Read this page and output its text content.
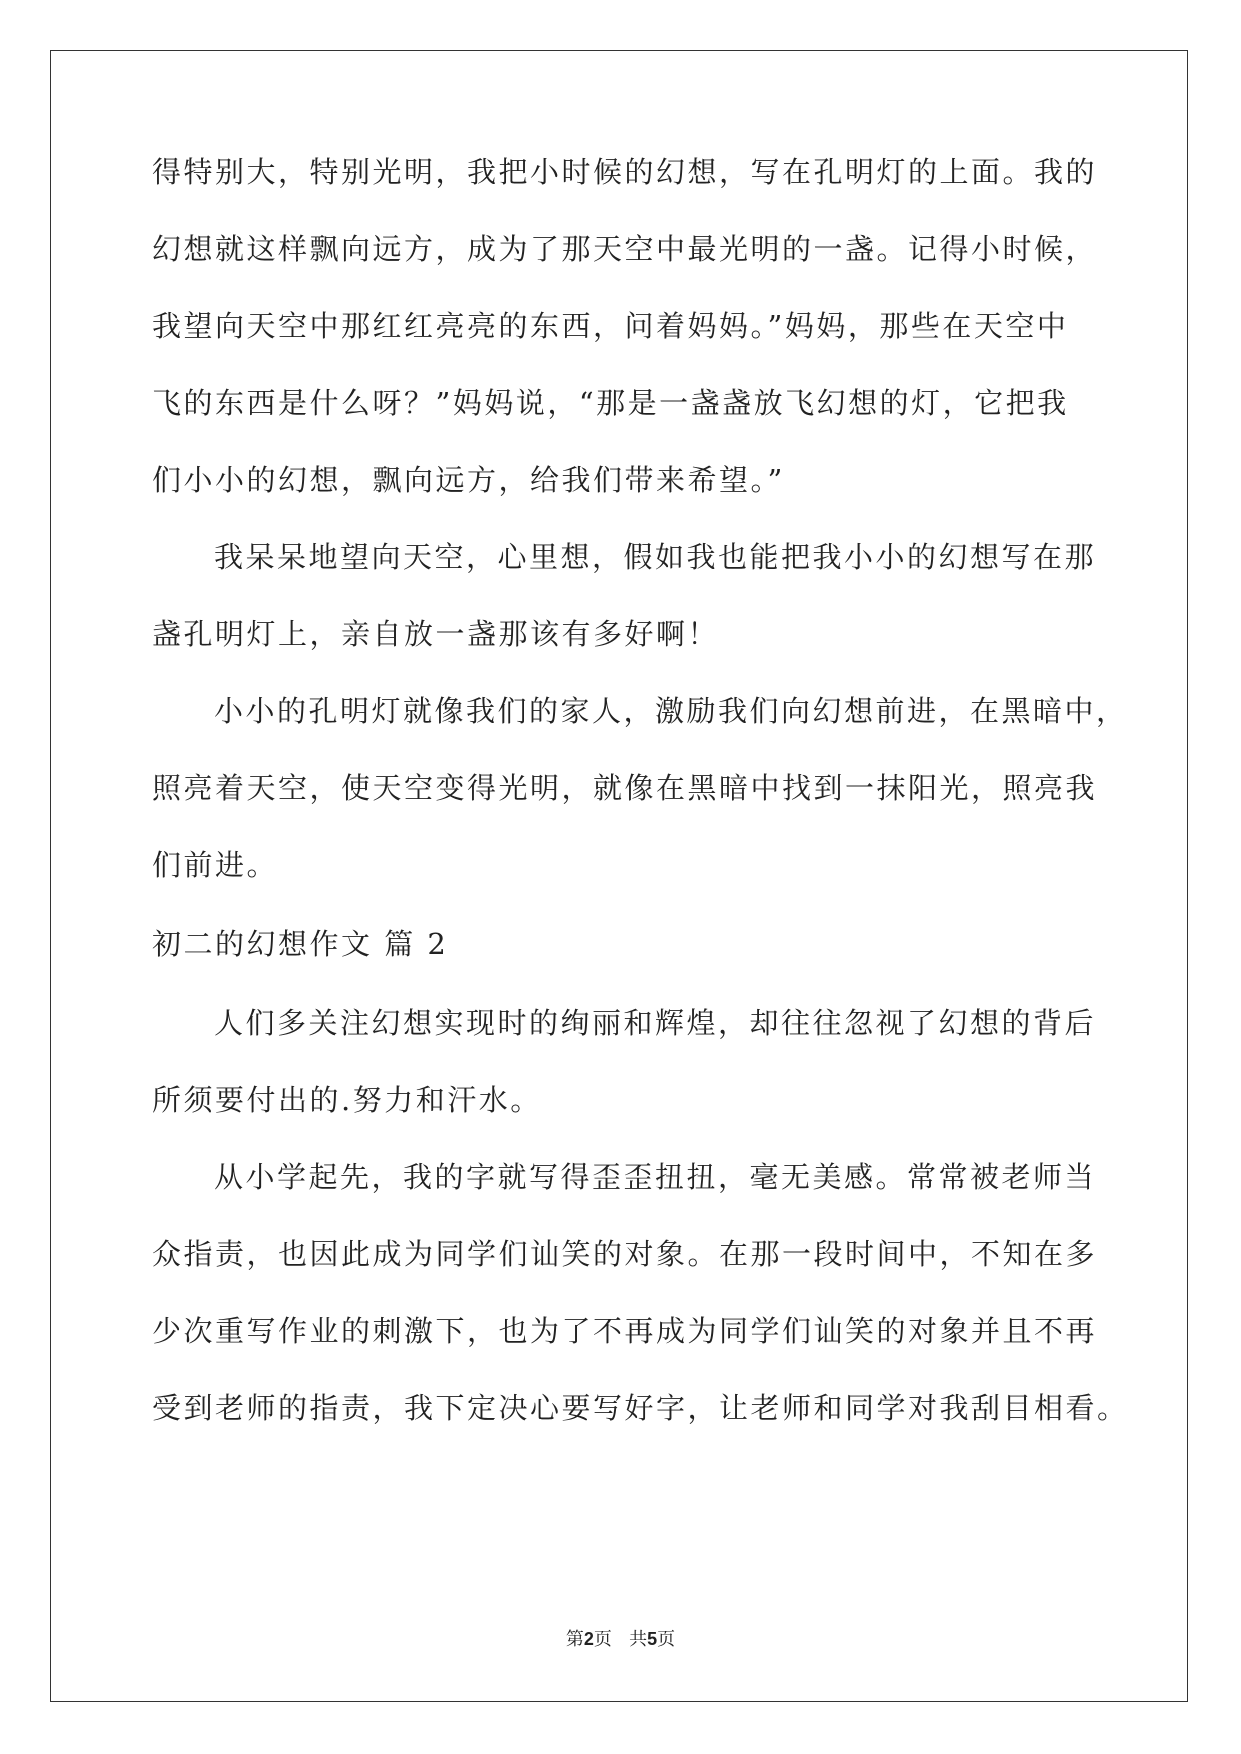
得特别大，特别光明，我把小时候的幻想，写在孔明灯的上面。我的
幻想就这样飘向远方，成为了那天空中最光明的一盏。记得小时候，
我望向天空中那红红亮亮的东西，问着妈妈。”妈妈，那些在天空中
飞的东西是什么呀？”妈妈说，“那是一盏盏放飞幻想的灯，它把我
们小小的幻想，飘向远方，给我们带来希望。”
我呆呆地望向天空，心里想，假如我也能把我小小的幻想写在那
盏孔明灯上，亲自放一盏那该有多好啊！
小小的孔明灯就像我们的家人，激励我们向幻想前进，在黑暗中，
照亮着天空，使天空变得光明，就像在黑暗中找到一抹阳光，照亮我
们前进。
初二的幻想作文 篇 2
人们多关注幻想实现时的绚丽和辉煌，却往往忽视了幻想的背后
所须要付出的.努力和汗水。
从小学起先，我的字就写得歪歪扭扭，毫无美感。常常被老师当
众指责，也因此成为同学们讪笑的对象。在那一段时间中，不知在多
少次重写作业的刺激下，也为了不再成为同学们讪笑的对象并且不再
受到老师的指责，我下定决心要写好字，让老师和同学对我刮目相看。
第2页 共5页
